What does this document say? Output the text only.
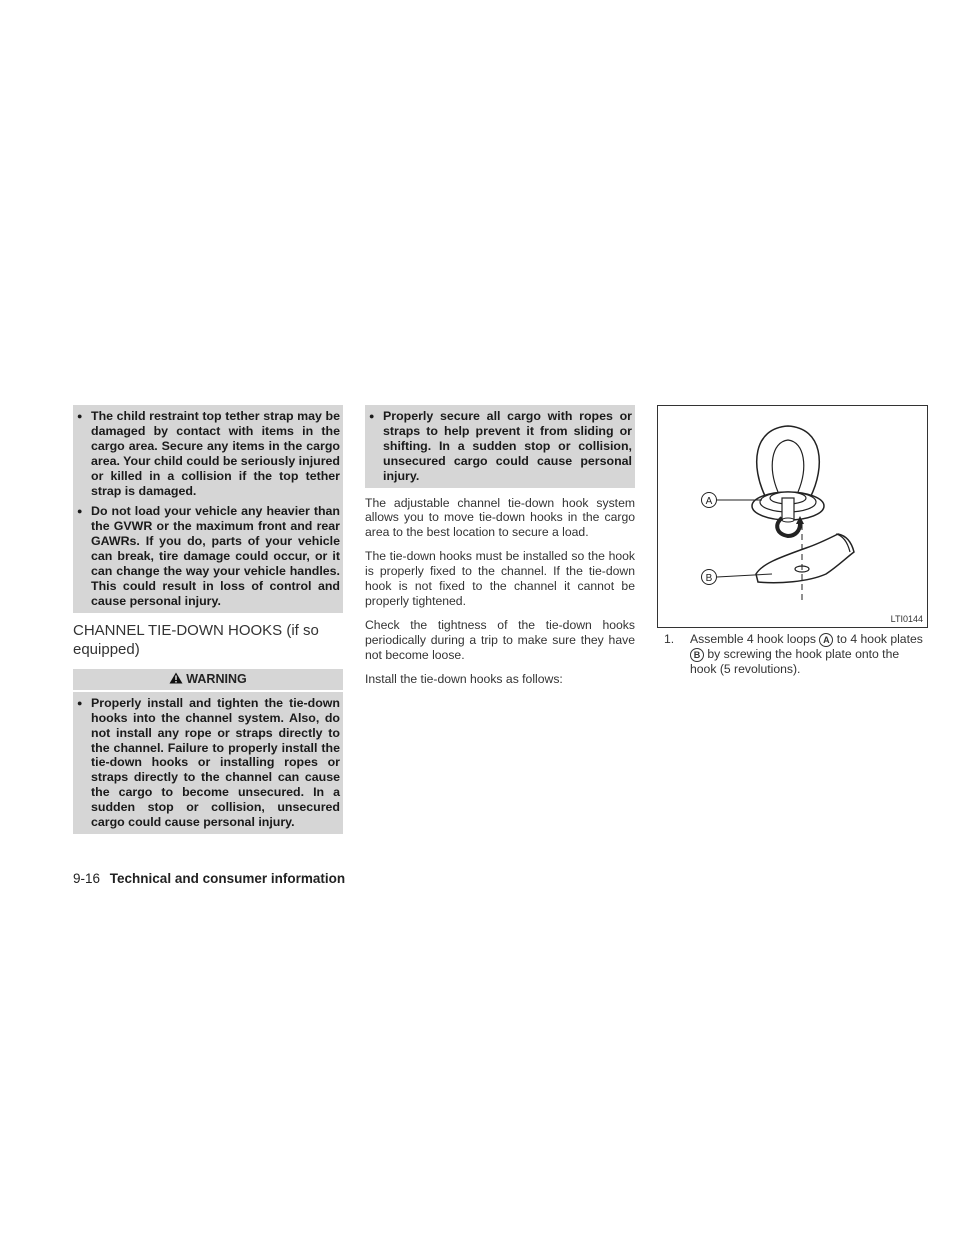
● The child restraint top tether strap may be damaged by contact with items in the cargo area. Secure any items in the cargo area. Your child could be seriously injured or killed in a collision if the top tether strap is damaged.
● Do not load your vehicle any heavier than the GVWR or the maximum front and rear GAWRs. If you do, parts of your vehicle can break, tire damage could occur, or it can change the way your vehicle handles. This could result in loss of control and cause personal injury.
CHANNEL TIE-DOWN HOOKS (if so equipped)
WARNING
● Properly install and tighten the tie-down hooks into the channel system. Also, do not install any rope or straps directly to the channel. Failure to properly install the tie-down hooks or installing ropes or straps directly to the channel can cause the cargo to become unsecured. In a sudden stop or collision, unsecured cargo could cause personal injury.
● Properly secure all cargo with ropes or straps to help prevent it from sliding or shifting. In a sudden stop or collision, unsecured cargo could cause personal injury.

The adjustable channel tie-down hook system allows you to move tie-down hooks in the cargo area to the best location to secure a load.

The tie-down hooks must be installed so the hook is properly fixed to the channel. If the tie-down hook is not fixed to the channel it cannot be properly tightened.

Check the tightness of the tie-down hooks periodically during a trip to make sure they have not become loose.

Install the tie-down hooks as follows:

A
B
LTI0144
1.	Assemble 4 hook loops A to 4 hook plates B by screwing the hook plate onto the hook (5 revolutions).
9-16 Technical and consumer information
